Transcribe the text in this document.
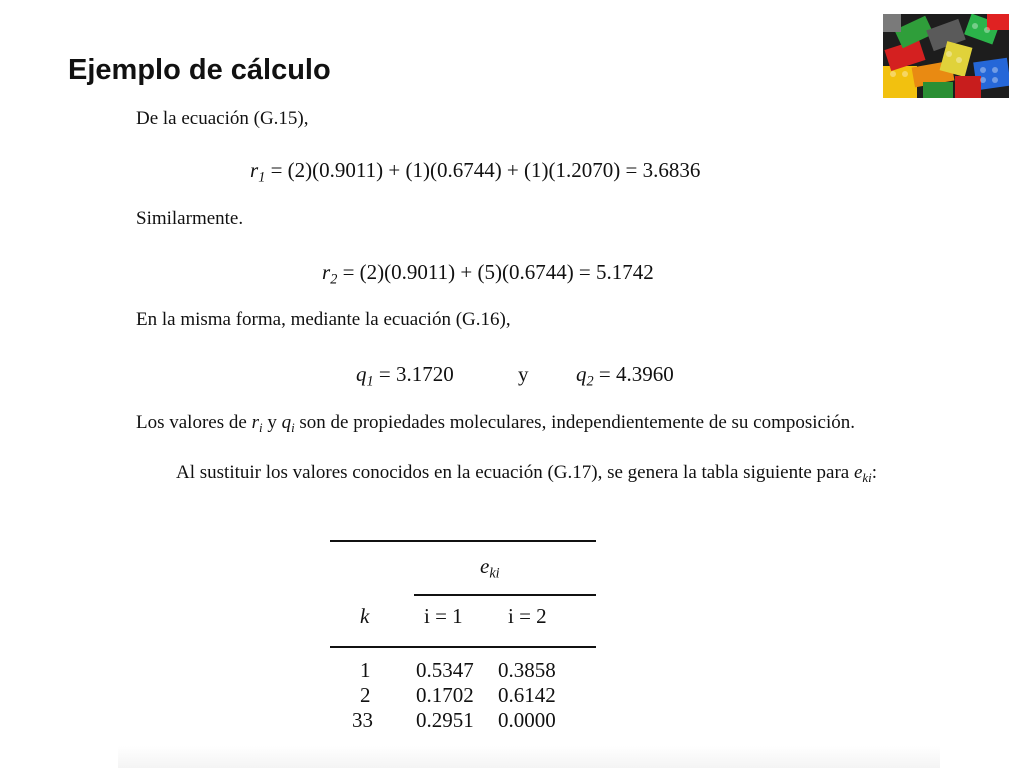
Ejemplo de cálculo
De la ecuación (G.15),
$r_1 = (2)(0.9011) + (1)(0.6744) + (1)(1.2070) = 3.6836$
Similarmente.
$r_2 = (2)(0.9011) + (5)(0.6744) = 5.1742$
En la misma forma, mediante la ecuación (G.16),
$q_1 = 3.1720$	y $q_2 = 4.3960$
Los valores de $r_i$ y $q_i$ son de propiedades moleculares, independientemente de su composición.
Al sustituir los valores conocidos en la ecuación (G.17), se genera la tabla siguiente para $e_{ki}$:
$e_{ki}$
k	i = 1 i = 2
1 0.5347 0.3858
2 0.1702 0.6142
33 0.2951 0.0000
